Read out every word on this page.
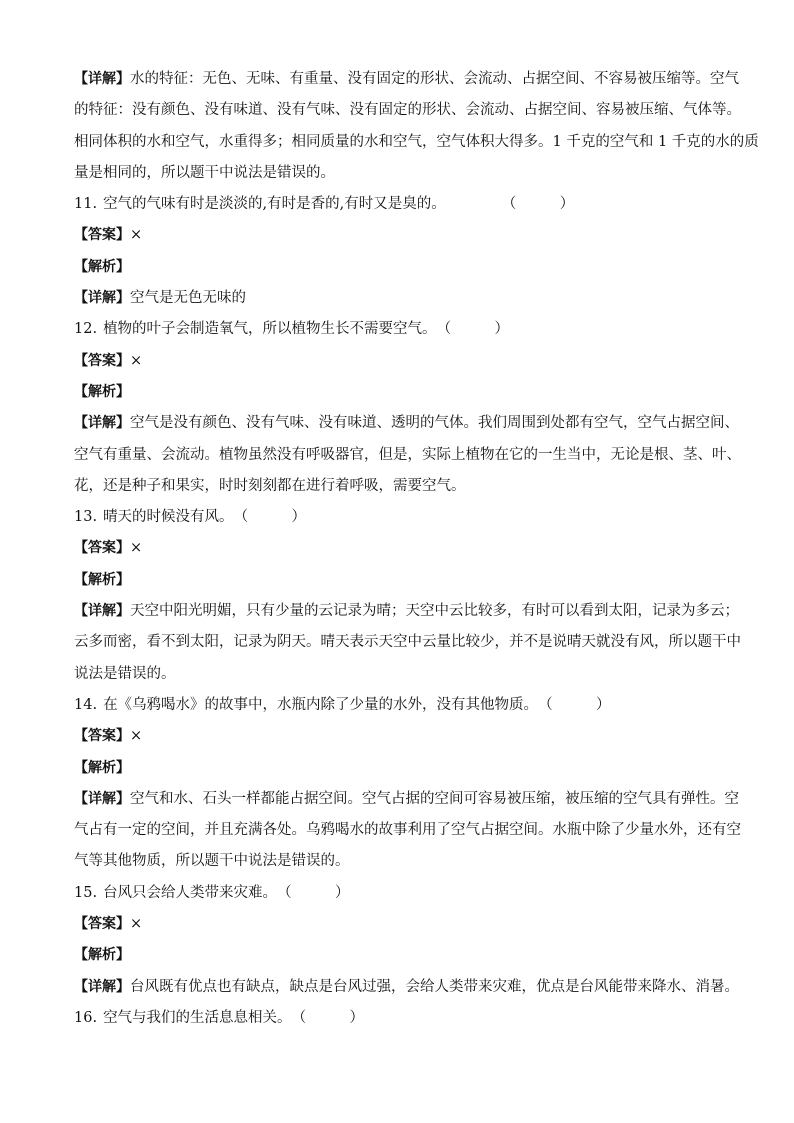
【详解】水的特征：无色、无味、有重量、没有固定的形状、会流动、占据空间、不容易被压缩等。空气
的特征：没有颜色、没有味道、没有气味、没有固定的形状、会流动、占据空间、容易被压缩、气体等。
相同体积的水和空气，水重得多；相同质量的水和空气，空气体积大得多。1 千克的空气和 1 千克的水的质
量是相同的，所以题干中说法是错误的。
11. 空气的气味有时是淡淡的,有时是香的,有时又是臭的。	（　　　）
【答案】×
【解析】
【详解】空气是无色无味的
12. 植物的叶子会制造氧气，所以植物生长不需要空气。（　　　）
【答案】×
【解析】
【详解】空气是没有颜色、没有气味、没有味道、透明的气体。我们周围到处都有空气，空气占据空间、
空气有重量、会流动。植物虽然没有呼吸器官，但是，实际上植物在它的一生当中，无论是根、茎、叶、
花，还是种子和果实，时时刻刻都在进行着呼吸，需要空气。
13. 晴天的时候没有风。（　　　）
【答案】×
【解析】
【详解】天空中阳光明媚，只有少量的云记录为晴；天空中云比较多，有时可以看到太阳，记录为多云；
云多而密，看不到太阳，记录为阴天。晴天表示天空中云量比较少，并不是说晴天就没有风，所以题干中
说法是错误的。
14. 在《乌鸦喝水》的故事中，水瓶内除了少量的水外，没有其他物质。（　　　）
【答案】×
【解析】
【详解】空气和水、石头一样都能占据空间。空气占据的空间可容易被压缩，被压缩的空气具有弹性。空
气占有一定的空间，并且充满各处。乌鸦喝水的故事利用了空气占据空间。水瓶中除了少量水外，还有空
气等其他物质，所以题干中说法是错误的。
15. 台风只会给人类带来灾难。（　　　）
【答案】×
【解析】
【详解】台风既有优点也有缺点，缺点是台风过强，会给人类带来灾难，优点是台风能带来降水、消暑。
16. 空气与我们的生活息息相关。（　　　）
